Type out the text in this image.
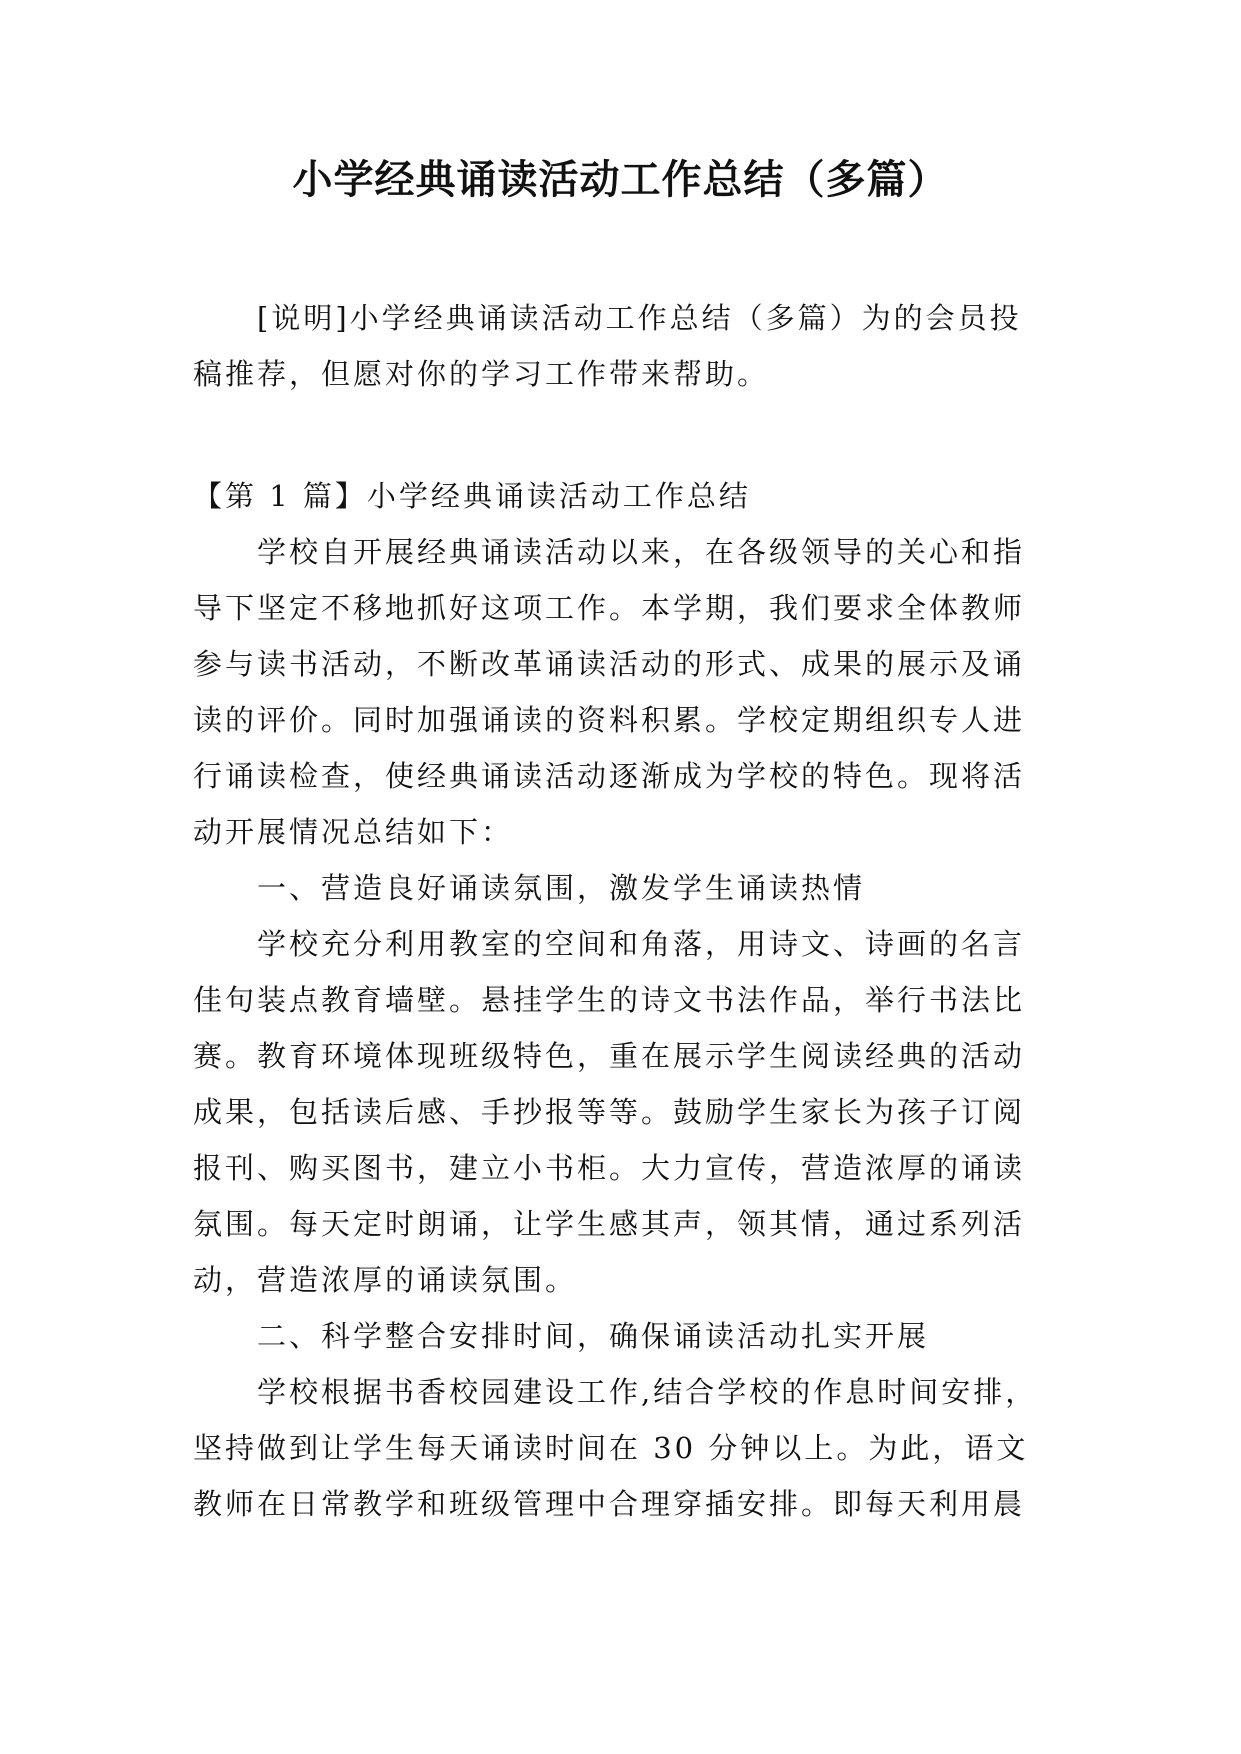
小学经典诵读活动工作总结（多篇）

[说明]小学经典诵读活动工作总结（多篇）为的会员投稿推荐，但愿对你的学习工作带来帮助。

【第 1 篇】小学经典诵读活动工作总结

学校自开展经典诵读活动以来，在各级领导的关心和指导下坚定不移地抓好这项工作。本学期，我们要求全体教师参与读书活动，不断改革诵读活动的形式、成果的展示及诵读的评价。同时加强诵读的资料积累。学校定期组织专人进行诵读检查，使经典诵读活动逐渐成为学校的特色。现将活动开展情况总结如下：

一、营造良好诵读氛围，激发学生诵读热情

学校充分利用教室的空间和角落，用诗文、诗画的名言佳句装点教育墙壁。悬挂学生的诗文书法作品，举行书法比赛。教育环境体现班级特色，重在展示学生阅读经典的活动成果，包括读后感、手抄报等等。鼓励学生家长为孩子订阅报刊、购买图书，建立小书柜。大力宣传，营造浓厚的诵读氛围。每天定时朗诵，让学生感其声，领其情，通过系列活动，营造浓厚的诵读氛围。

二、科学整合安排时间，确保诵读活动扎实开展

学校根据书香校园建设工作,结合学校的作息时间安排，坚持做到让学生每天诵读时间在 30 分钟以上。为此，语文教师在日常教学和班级管理中合理穿插安排。即每天利用晨
